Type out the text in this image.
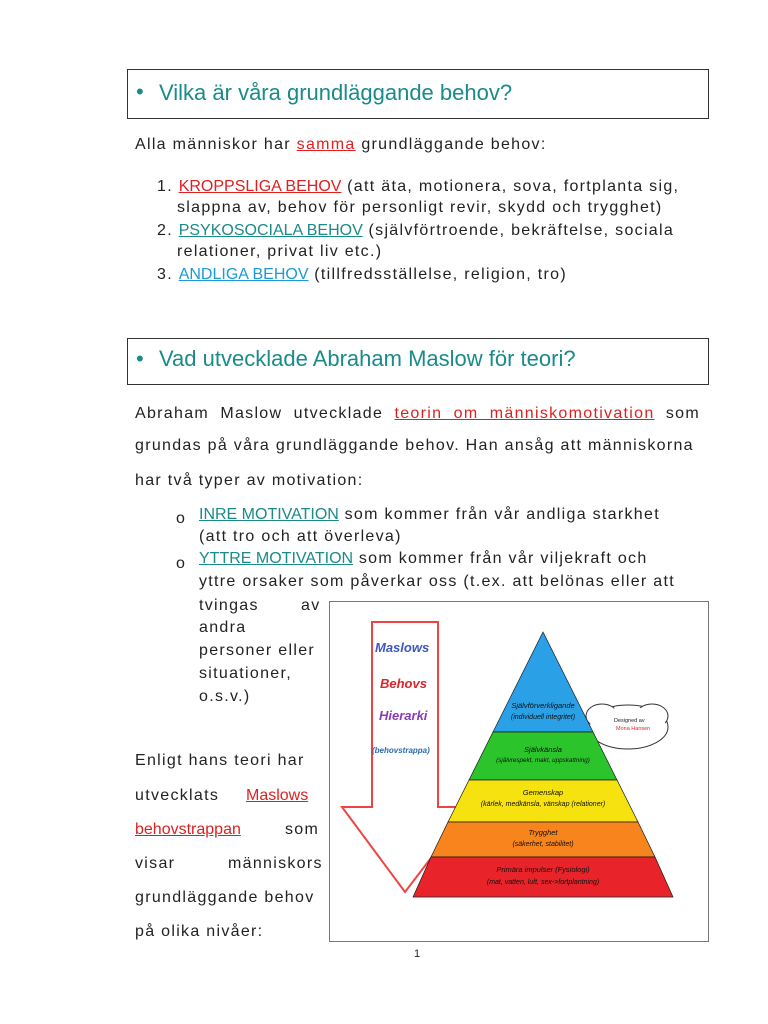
• Vilka är våra grundläggande behov?
Alla människor har samma grundläggande behov:
1. KROPPSLIGA BEHOV (att äta, motionera, sova, fortplanta sig,
slappna av, behov för personligt revir, skydd och trygghet)
2. PSYKOSOCIALA BEHOV (självförtroende, bekräftelse, sociala
relationer, privat liv etc.)
3. ANDLIGA BEHOV (tillfredsställelse, religion, tro)
• Vad utvecklade Abraham Maslow för teori?
Abraham Maslow utvecklade teorin om människomotivation som
grundas på våra grundläggande behov. Han ansåg att människorna
har två typer av motivation:
o INRE MOTIVATION som kommer från vår andliga starkhet
(att tro och att överleva)
o YTTRE MOTIVATION som kommer från vår viljekraft och
yttre orsaker som påverkar oss (t.ex. att belönas eller att
tvingas	av
andra
personer eller
situationer,
o.s.v.)
Enligt hans teori har
utvecklats Maslows
behovstrappan	som
visar	människors
grundläggande behov
på olika nivåer:
Maslows
Behovs
Hierarki
(behovstrappa)
Designed av
Mona Hansen
Självförverkligande
(individuell integritet)
Självkänsla
(självrespekt, makt, uppskattning)
Gemenskap
(kärlek, medkänsla, vänskap (relationer)
Trygghet
(säkerhet, stabilitet)
Primära impulser (Fysiologi)
(mat, vatten, luft, sex->fortplantning)
1
